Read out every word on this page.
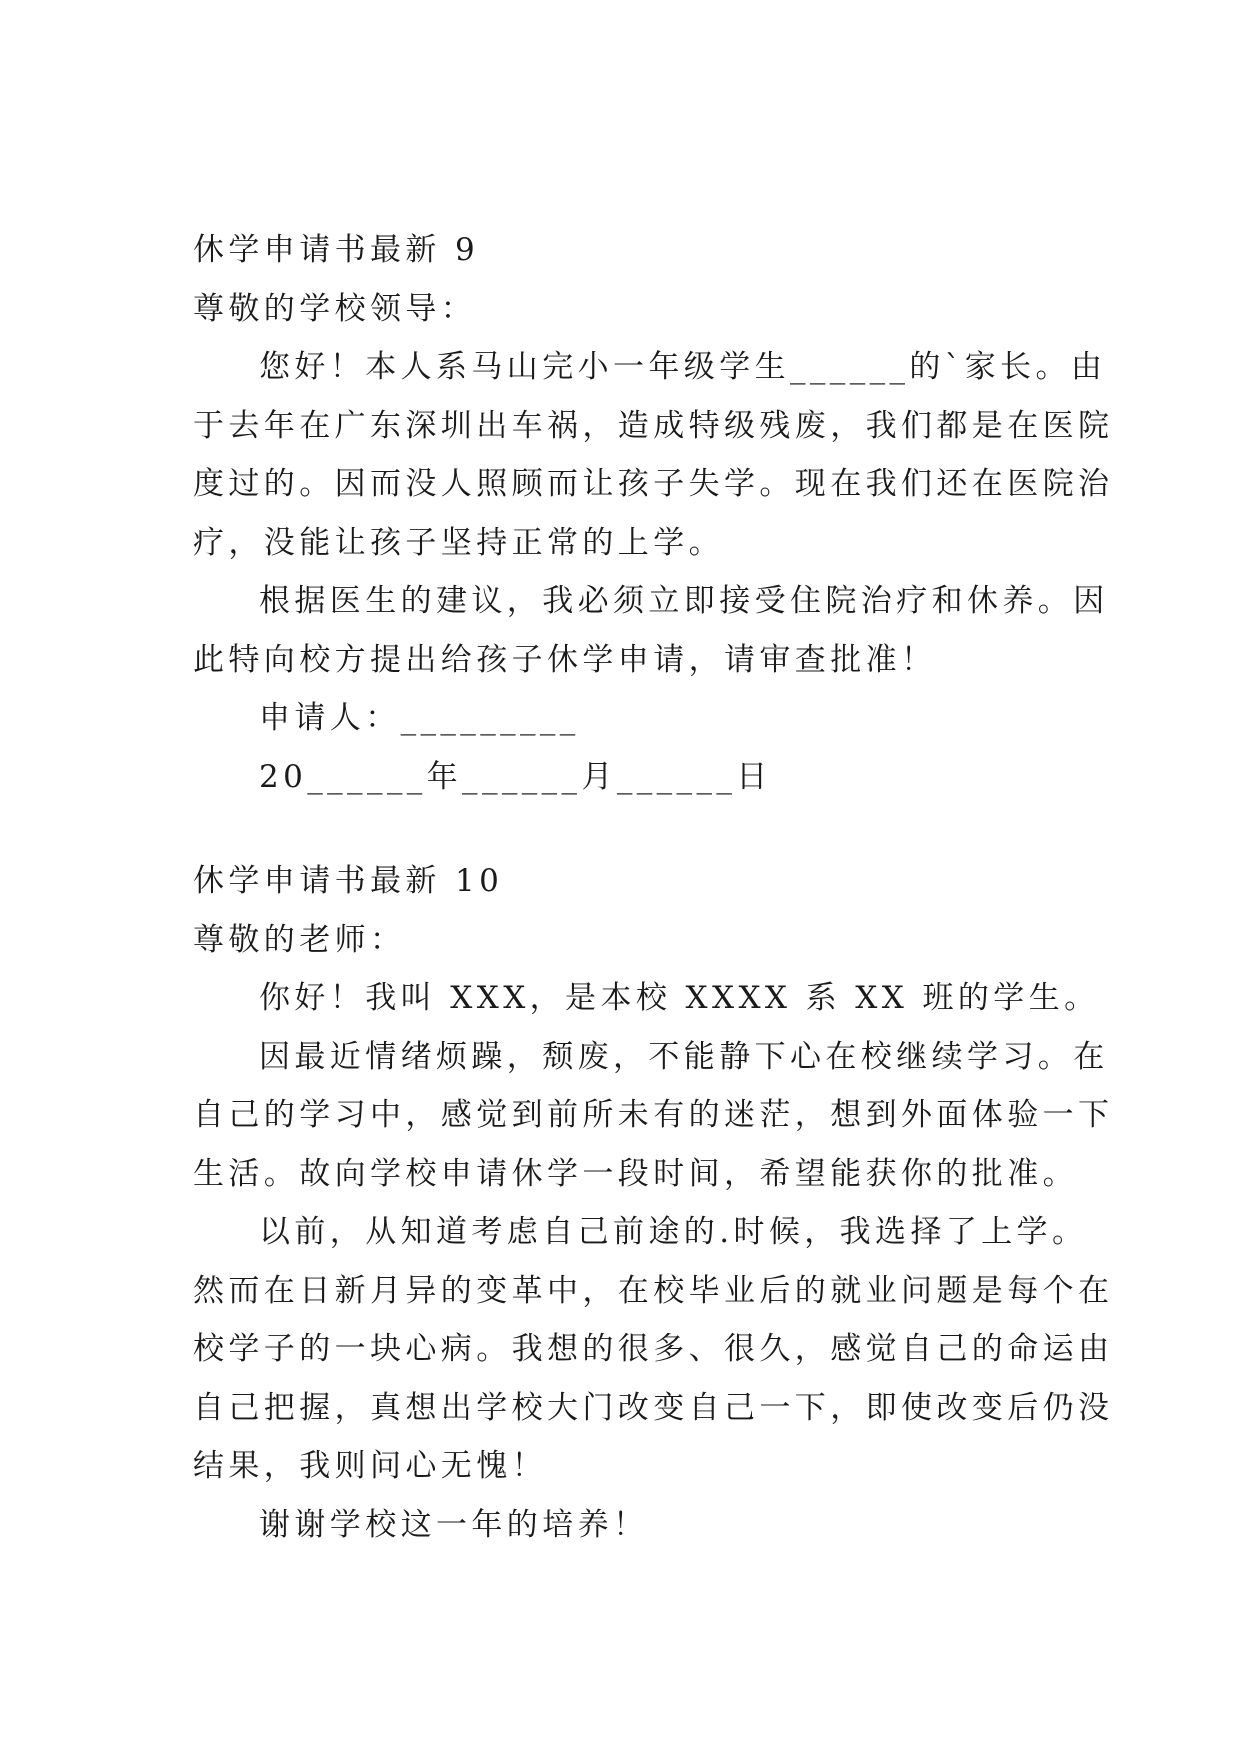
休学申请书最新 9
尊敬的学校领导：
您好！本人系马山完小一年级学生______的`家长。由
于去年在广东深圳出车祸，造成特级残废，我们都是在医院
度过的。因而没人照顾而让孩子失学。现在我们还在医院治
疗，没能让孩子坚持正常的上学。
根据医生的建议，我必须立即接受住院治疗和休养。因
此特向校方提出给孩子休学申请，请审查批准！
申请人：_________
20______年______月______日
休学申请书最新 10
尊敬的老师：
你好！我叫 XXX，是本校 XXXX 系 XX 班的学生。
因最近情绪烦躁，颓废，不能静下心在校继续学习。在
自己的学习中，感觉到前所未有的迷茫，想到外面体验一下
生活。故向学校申请休学一段时间，希望能获你的批准。
以前，从知道考虑自己前途的.时候，我选择了上学。
然而在日新月异的变革中，在校毕业后的就业问题是每个在
校学子的一块心病。我想的很多、很久，感觉自己的命运由
自己把握，真想出学校大门改变自己一下，即使改变后仍没
结果，我则问心无愧！
谢谢学校这一年的培养！
